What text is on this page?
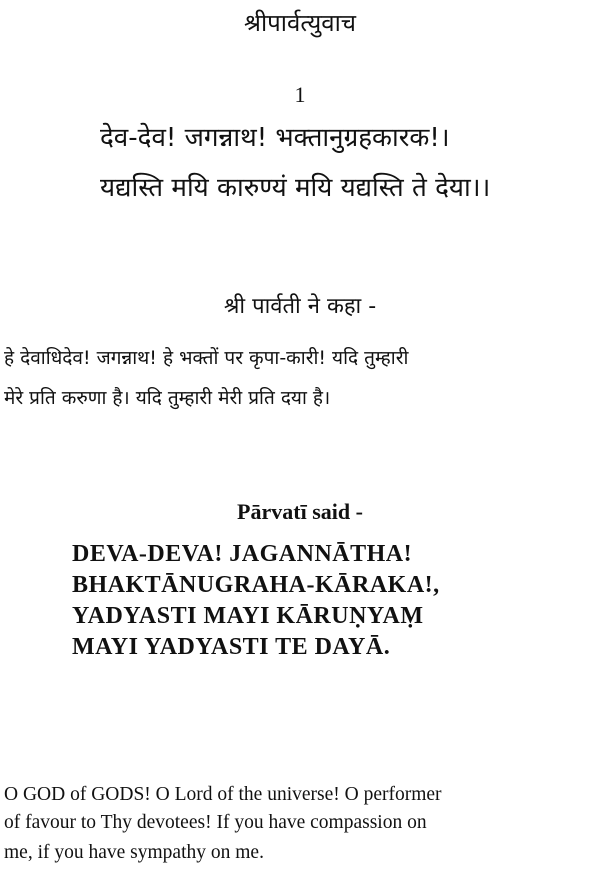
श्रीपार्वत्युवाच
1
देव-देव! जगन्नाथ! भक्तानुग्रहकारक!।
यद्यस्ति मयि कारुण्यं मयि यद्यस्ति ते देया।।
श्री पार्वती ने कहा -
हे देवाधिदेव! जगन्नाथ! हे भक्तों पर कृपा-कारी! यदि तुम्हारी
मेरे प्रति करुणा है। यदि तुम्हारी मेरी प्रति दया है।
Pārvatī said -
DEVA-DEVA! JAGANNĀTHA!
BHAKTĀNUGRAHA-KĀRAKA!,
YADYASTI MAYI KĀRUṆYAṂ
MAYI YADYASTI TE DAYĀ.
O GOD of GODS! O Lord of the universe! O performer
of favour to Thy devotees! If you have compassion on
me, if you have sympathy on me.
